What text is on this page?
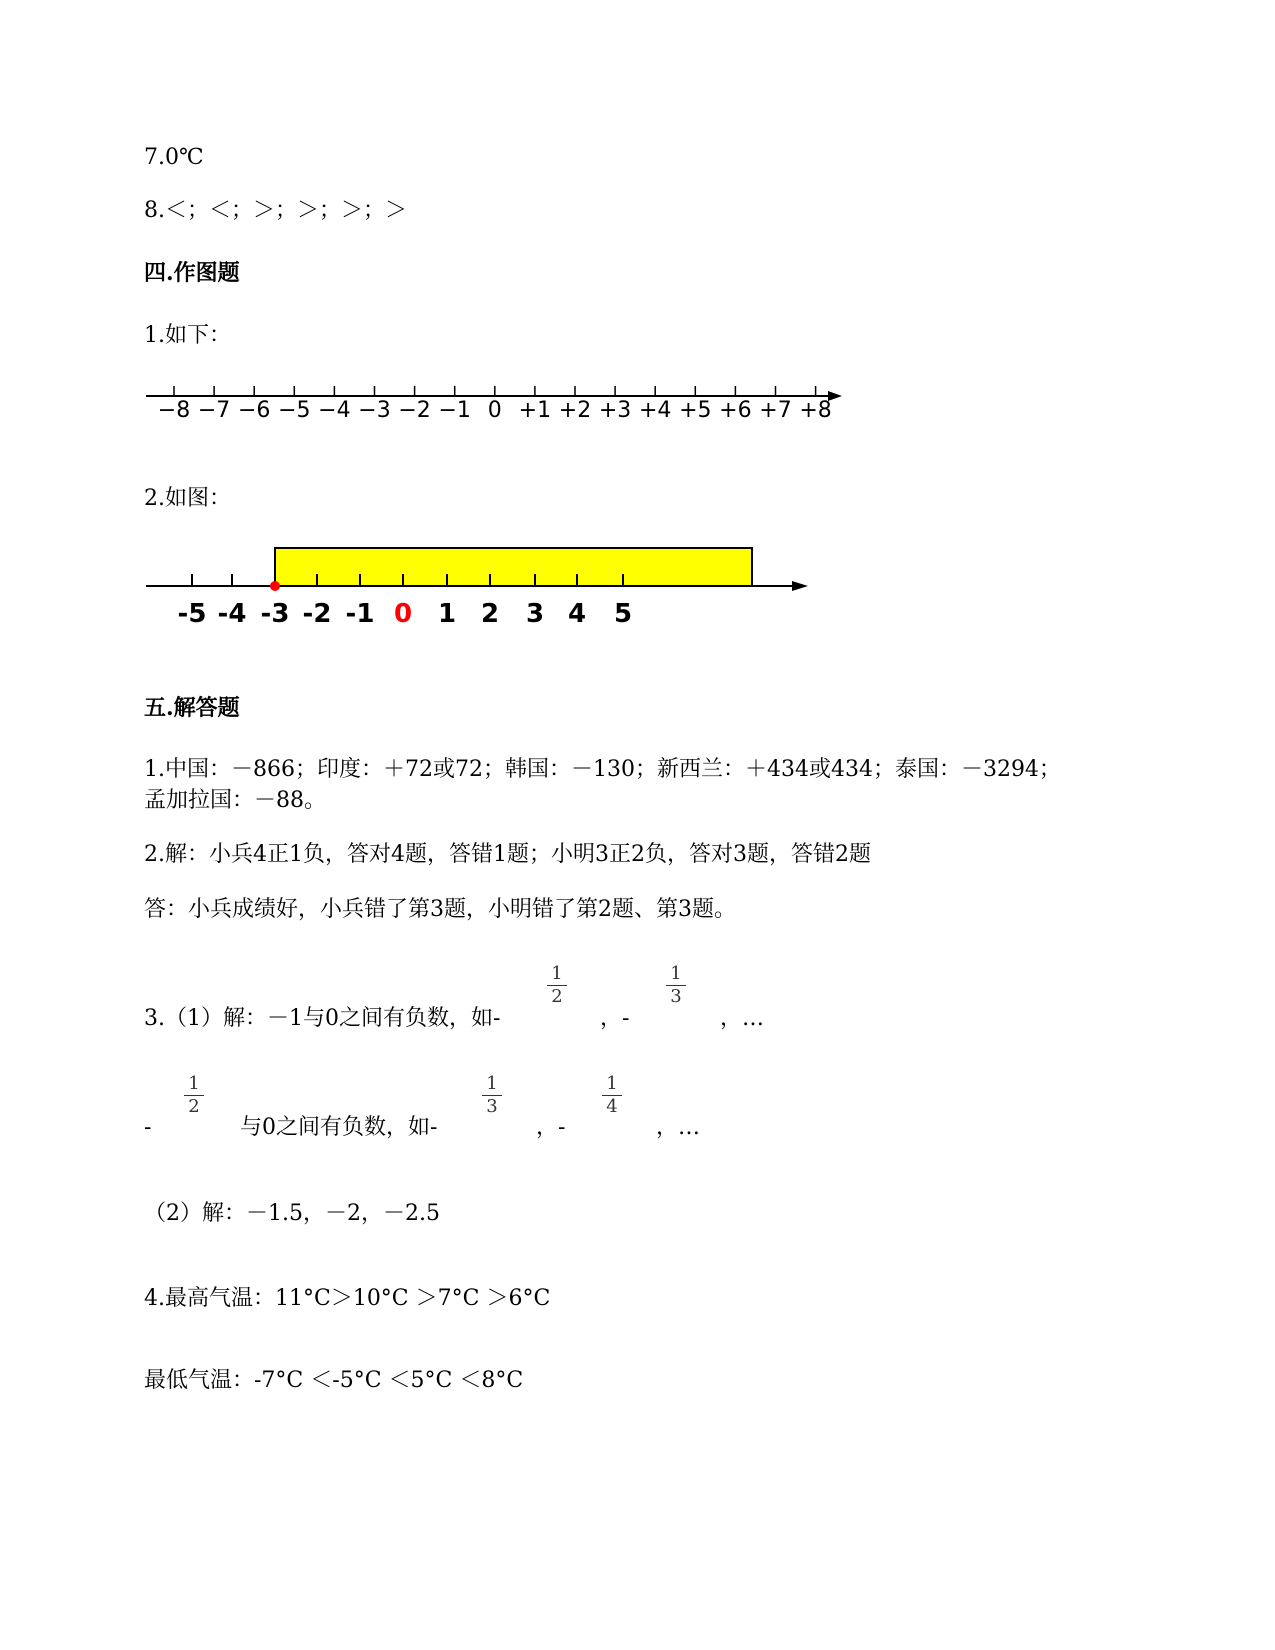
7.0℃
8.＜；＜；＞；＞；＞；＞
四.作图题
1.如下：
−8 −7 −6 −5 −4 −3 −2 −1 0 +1 +2 +3 +4 +5 +6 +7 +8
2.如图：
-5 -4 -3 -2 -1 0 1 2 3 4 5
五.解答题
1.中国：－866；印度：＋72或72；韩国：－130；新西兰：＋434或434；泰国：－3294；
孟加拉国：－88。
2.解：小兵4正1负，答对4题，答错1题；小明3正2负，答对3题，答错2题
答：小兵成绩好，小兵错了第3题，小明错了第2题、第3题。
3.（1）解：－1与0之间有负数，如-
1
2
，-
1
3
，…
-
1
2
与0之间有负数，如-
1
3
，-
1
4
，…
（2）解：－1.5，－2，－2.5
4.最高气温：11°C＞10°C ＞7°C ＞6°C
最低气温：-7°C ＜-5°C ＜5°C ＜8°C
